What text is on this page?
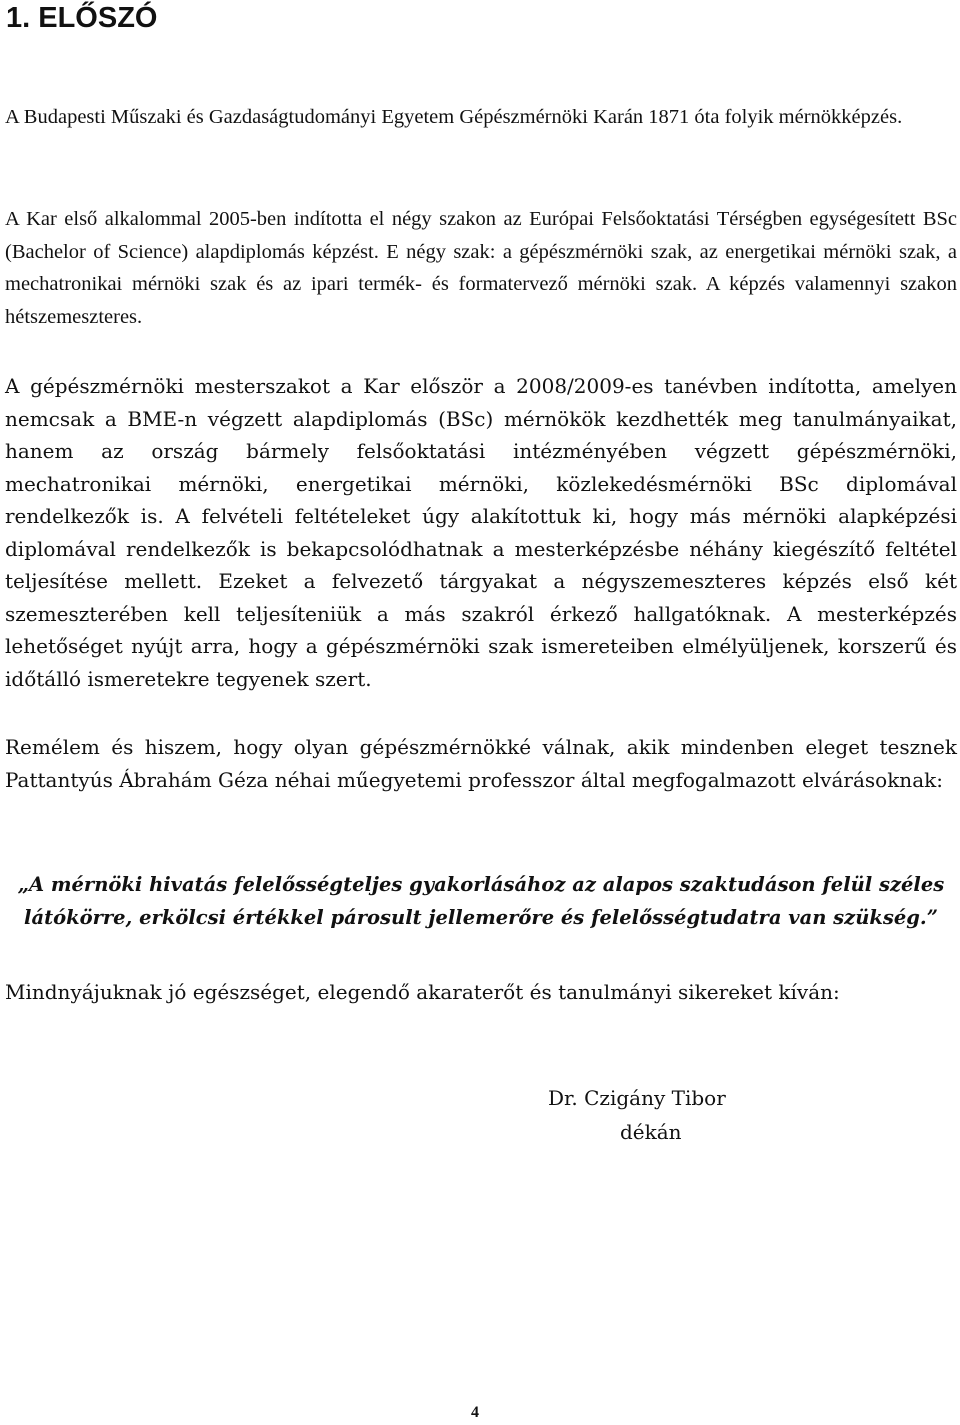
1. ELŐSZÓ

A Budapesti Műszaki és Gazdaságtudományi Egyetem Gépészmérnöki Karán 1871 óta folyik mérnökképzés.

A Kar első alkalommal 2005-ben indította el négy szakon az Európai Felsőoktatási Térségben egységesített BSc (Bachelor of Science) alapdiplomás képzést. E négy szak: a gépészmérnöki szak, az energetikai mérnöki szak, a mechatronikai mérnöki szak és az ipari termék- és formatervező mérnöki szak. A képzés valamennyi szakon hétszemeszteres.

A gépészmérnöki mesterszakot a Kar először a 2008/2009-es tanévben indította, amelyen nemcsak a BME-n végzett alapdiplomás (BSc) mérnökök kezdhették meg tanulmányaikat, hanem az ország bármely felsőoktatási intézményében végzett gépészmérnöki, mechatronikai mérnöki, energetikai mérnöki, közlekedésmérnöki BSc diplomával rendelkezők is. A felvételi feltételeket úgy alakítottuk ki, hogy más mérnöki alapképzési diplomával rendelkezők is bekapcsolódhatnak a mesterképzésbe néhány kiegészítő feltétel teljesítése mellett. Ezeket a felvezető tárgyakat a négyszemeszteres képzés első két szemeszterében kell teljesíteniük a más szakról érkező hallgatóknak. A mesterképzés lehetőséget nyújt arra, hogy a gépészmérnöki szak ismereteiben elmélyüljenek, korszerű és időtálló ismeretekre tegyenek szert.

Remélem és hiszem, hogy olyan gépészmérnökké válnak, akik mindenben eleget tesznek Pattantyús Ábrahám Géza néhai műegyetemi professzor által megfogalmazott elvárásoknak:

„A mérnöki hivatás felelősségteljes gyakorlásához az alapos szaktudáson felül széles látókörre, erkölcsi értékkel párosult jellemerőre és felelősségtudatra van szükség.”

Mindnyájuknak jó egészséget, elegendő akaraterőt és tanulmányi sikereket kíván:

Dr. Czigány Tibor
dékán
4
